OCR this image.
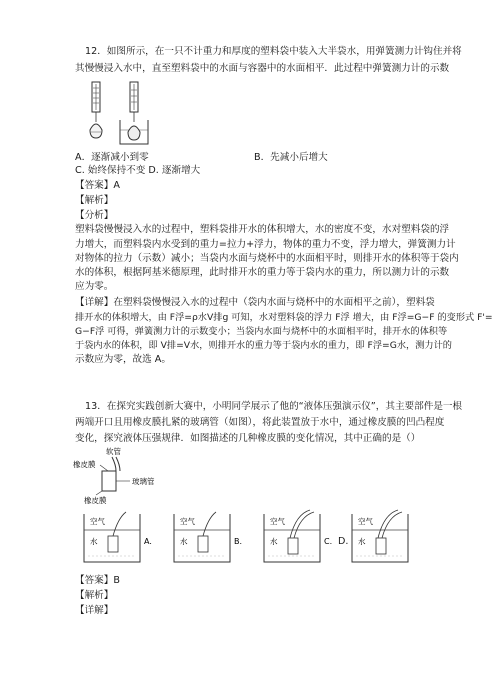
12．如图所示，在一只不计重力和厚度的塑料袋中装入大半袋水，用弹簧测力计钩住并将
其慢慢浸入水中，直至塑料袋中的水面与容器中的水面相平．此过程中弹簧测力计的示数
A．逐渐减小到零	B．先减小后增大
C. 始终保持不变 D. 逐渐增大
【答案】A
【解析】
【分析】
塑料袋慢慢浸入水的过程中，塑料袋排开水的体积增大，水的密度不变，水对塑料袋的浮
力增大，而塑料袋内水受到的重力=拉力+浮力，物体的重力不变，浮力增大，弹簧测力计
对物体的拉力（示数）减小；当袋内水面与烧杯中的水面相平时，则排开水的体积等于袋内
水的体积，根据阿基米德原理，此时排开水的重力等于袋内水的重力，所以测力计的示数
应为零。
【详解】在塑料袋慢慢浸入水的过程中（袋内水面与烧杯中的水面相平之前），塑料袋
排开水的体积增大，由 F浮=ρ水V排g 可知，水对塑料袋的浮力 F浮 增大，由 F浮=G−F 的变形式 F'=
G−F浮 可得，弹簧测力计的示数变小；当袋内水面与烧杯中的水面相平时，排开水的体积等
于袋内水的体积，即 V排=V水，则排开水的重力等于袋内水的重力，即 F浮=G水，测力计的
示数应为零，故选 A。
13．在探究实践创新大赛中，小明同学展示了他的“液体压强演示仪”，其主要部件是一根
两端开口且用橡皮膜扎紧的玻璃管（如图），将此装置放于水中，通过橡皮膜的凹凸程度
变化，探究液体压强规律．如图描述的几种橡皮膜的变化情况，其中正确的是（）
软管
橡皮膜
玻璃管
橡皮膜
空气
水	A.
空气
水	B.
空气
水	C.
空气
水
D.
【答案】B
【解析】
【详解】
